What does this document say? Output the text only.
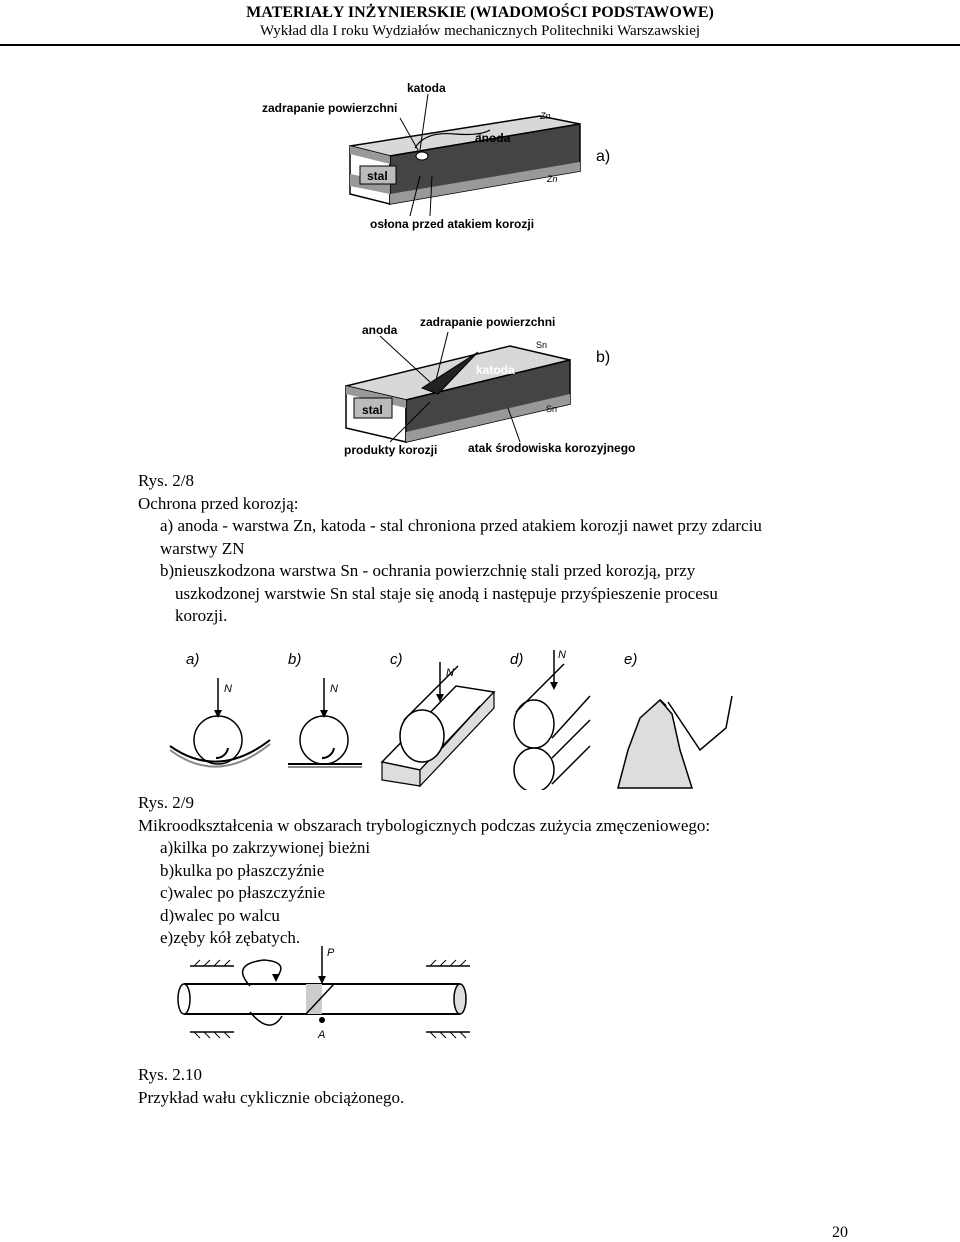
MATERIAŁY INŻYNIERSKIE (WIADOMOŚCI PODSTAWOWE)
Wykład dla I roku Wydziałów mechanicznych Politechniki Warszawskiej
katoda
zadrapanie powierzchni
anoda
stal
Zn
Zn
osłona przed atakiem korozji
a)
anoda
zadrapanie powierzchni
katoda
stal
Sn
Sn
produkty korozji	atak środowiska korozyjnego
b)
Rys. 2/8
Ochrona przed korozją:
a) anoda - warstwa Zn, katoda - stal chroniona przed atakiem korozji nawet przy zdarciu
warstwy ZN
b)nieuszkodzona warstwa Sn - ochrania powierzchnię stali przed korozją, przy
uszkodzonej warstwie Sn stal staje się anodą i następuje przyśpieszenie procesu
korozji.
a)	b)	c)	d)	e)
N	N
N
N
Rys. 2/9
Mikroodkształcenia w obszarach trybologicznych podczas zużycia zmęczeniowego:
a)kilka po zakrzywionej bieżni
b)kulka po płaszczyźnie
c)walec po płaszczyźnie
d)walec po walcu
e)zęby kół zębatych.
P
A
Rys. 2.10
Przykład wału cyklicznie obciążonego.
20
